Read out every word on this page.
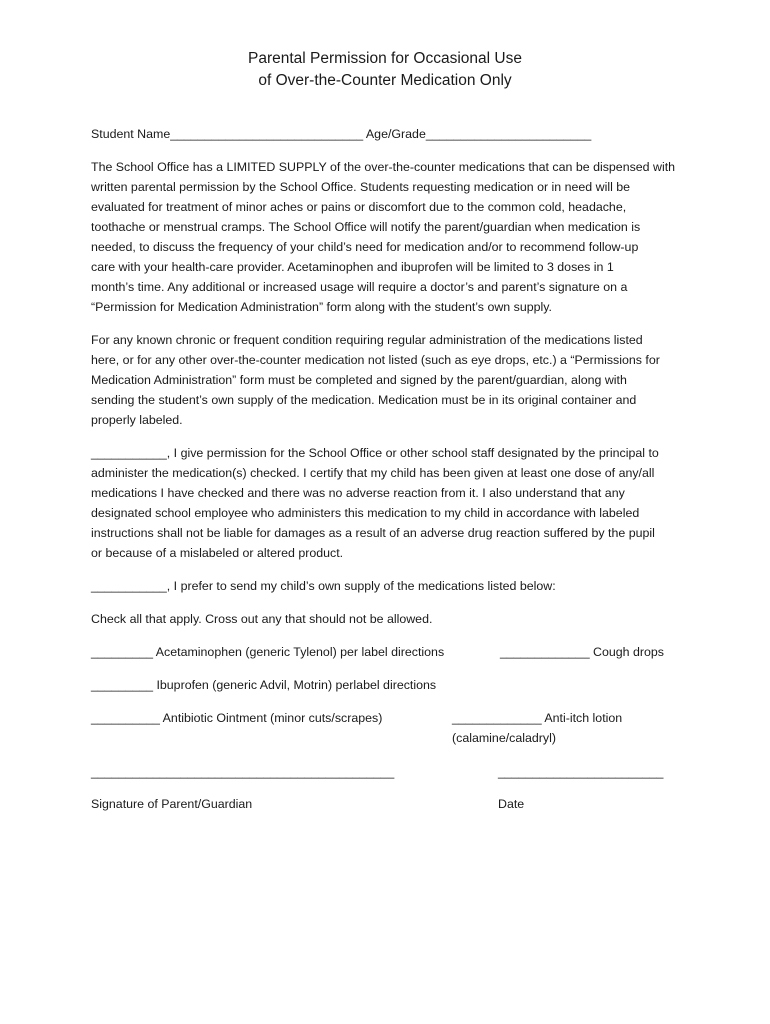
Parental Permission for Occasional Use
of Over-the-Counter Medication Only
Student Name____________________________ Age/Grade________________________
The School Office has a LIMITED SUPPLY of the over-the-counter medications that can be dispensed with
written parental permission by the School Office. Students requesting medication or in need will be
evaluated for treatment of minor aches or pains or discomfort due to the common cold, headache,
toothache or menstrual cramps. The School Office will notify the parent/guardian when medication is
needed, to discuss the frequency of your child’s need for medication and/or to recommend follow-up
care with your health-care provider. Acetaminophen and ibuprofen will be limited to 3 doses in 1
month’s time. Any additional or increased usage will require a doctor’s and parent’s signature on a
“Permission for Medication Administration” form along with the student’s own supply.
For any known chronic or frequent condition requiring regular administration of the medications listed
here, or for any other over-the-counter medication not listed (such as eye drops, etc.) a “Permissions for
Medication Administration” form must be completed and signed by the parent/guardian, along with
sending the student’s own supply of the medication. Medication must be in its original container and
properly labeled.
___________, I give permission for the School Office or other school staff designated by the principal to
administer the medication(s) checked. I certify that my child has been given at least one dose of any/all
medications I have checked and there was no adverse reaction from it. I also understand that any
designated school employee who administers this medication to my child in accordance with labeled
instructions shall not be liable for damages as a result of an adverse drug reaction suffered by the pupil
or because of a mislabeled or altered product.
___________, I prefer to send my child’s own supply of the medications listed below:
Check all that apply. Cross out any that should not be allowed.
_________ Acetaminophen (generic Tylenol) per label directions	_____________ Cough drops
_________ Ibuprofen (generic Advil, Motrin) perlabel directions
__________ Antibiotic Ointment (minor cuts/scrapes)	_____________ Anti-itch lotion
(calamine/caladryl)
____________________________________________	________________________
Signature of Parent/Guardian	Date
